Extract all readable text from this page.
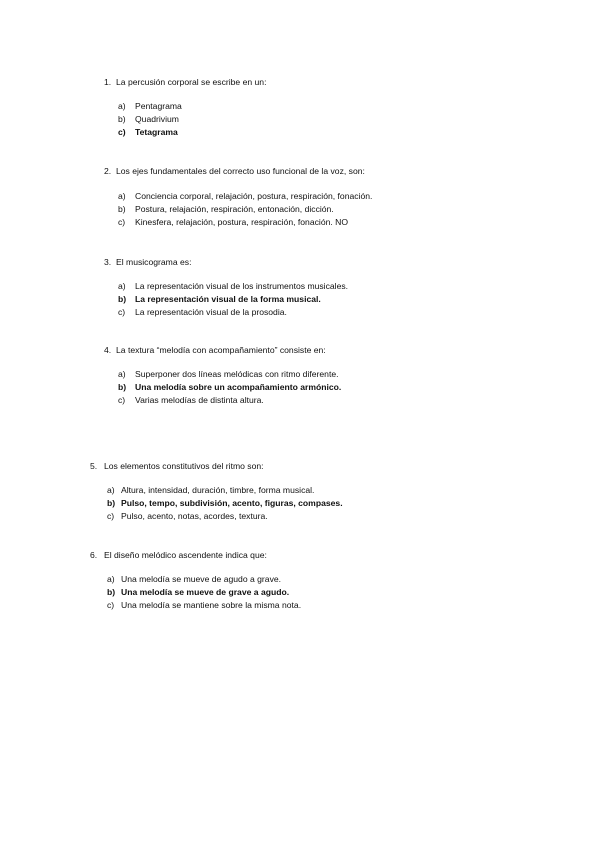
1. La percusión corporal se escribe en un:
a) Pentagrama
b) Quadrivium
c) Tetagrama
2. Los ejes fundamentales del correcto uso funcional de la voz, son:
a) Conciencia corporal, relajación, postura, respiración, fonación.
b) Postura, relajación, respiración, entonación, dicción.
c) Kinesfera, relajación, postura, respiración, fonación. NO
3. El musicograma es:
a) La representación visual de los instrumentos musicales.
b) La representación visual de la forma musical.
c) La representación visual de la prosodia.
4. La textura “melodía con acompañamiento” consiste en:
a) Superponer dos líneas melódicas con ritmo diferente.
b) Una melodía sobre un acompañamiento armónico.
c) Varias melodías de distinta altura.
5. Los elementos constitutivos del ritmo son:
a) Altura, intensidad, duración, timbre, forma musical.
b) Pulso, tempo, subdivisión, acento, figuras, compases.
c) Pulso, acento, notas, acordes, textura.
6. El diseño melódico ascendente indica que:
a) Una melodía se mueve de agudo a grave.
b) Una melodía se mueve de grave a agudo.
c) Una melodía se mantiene sobre la misma nota.
